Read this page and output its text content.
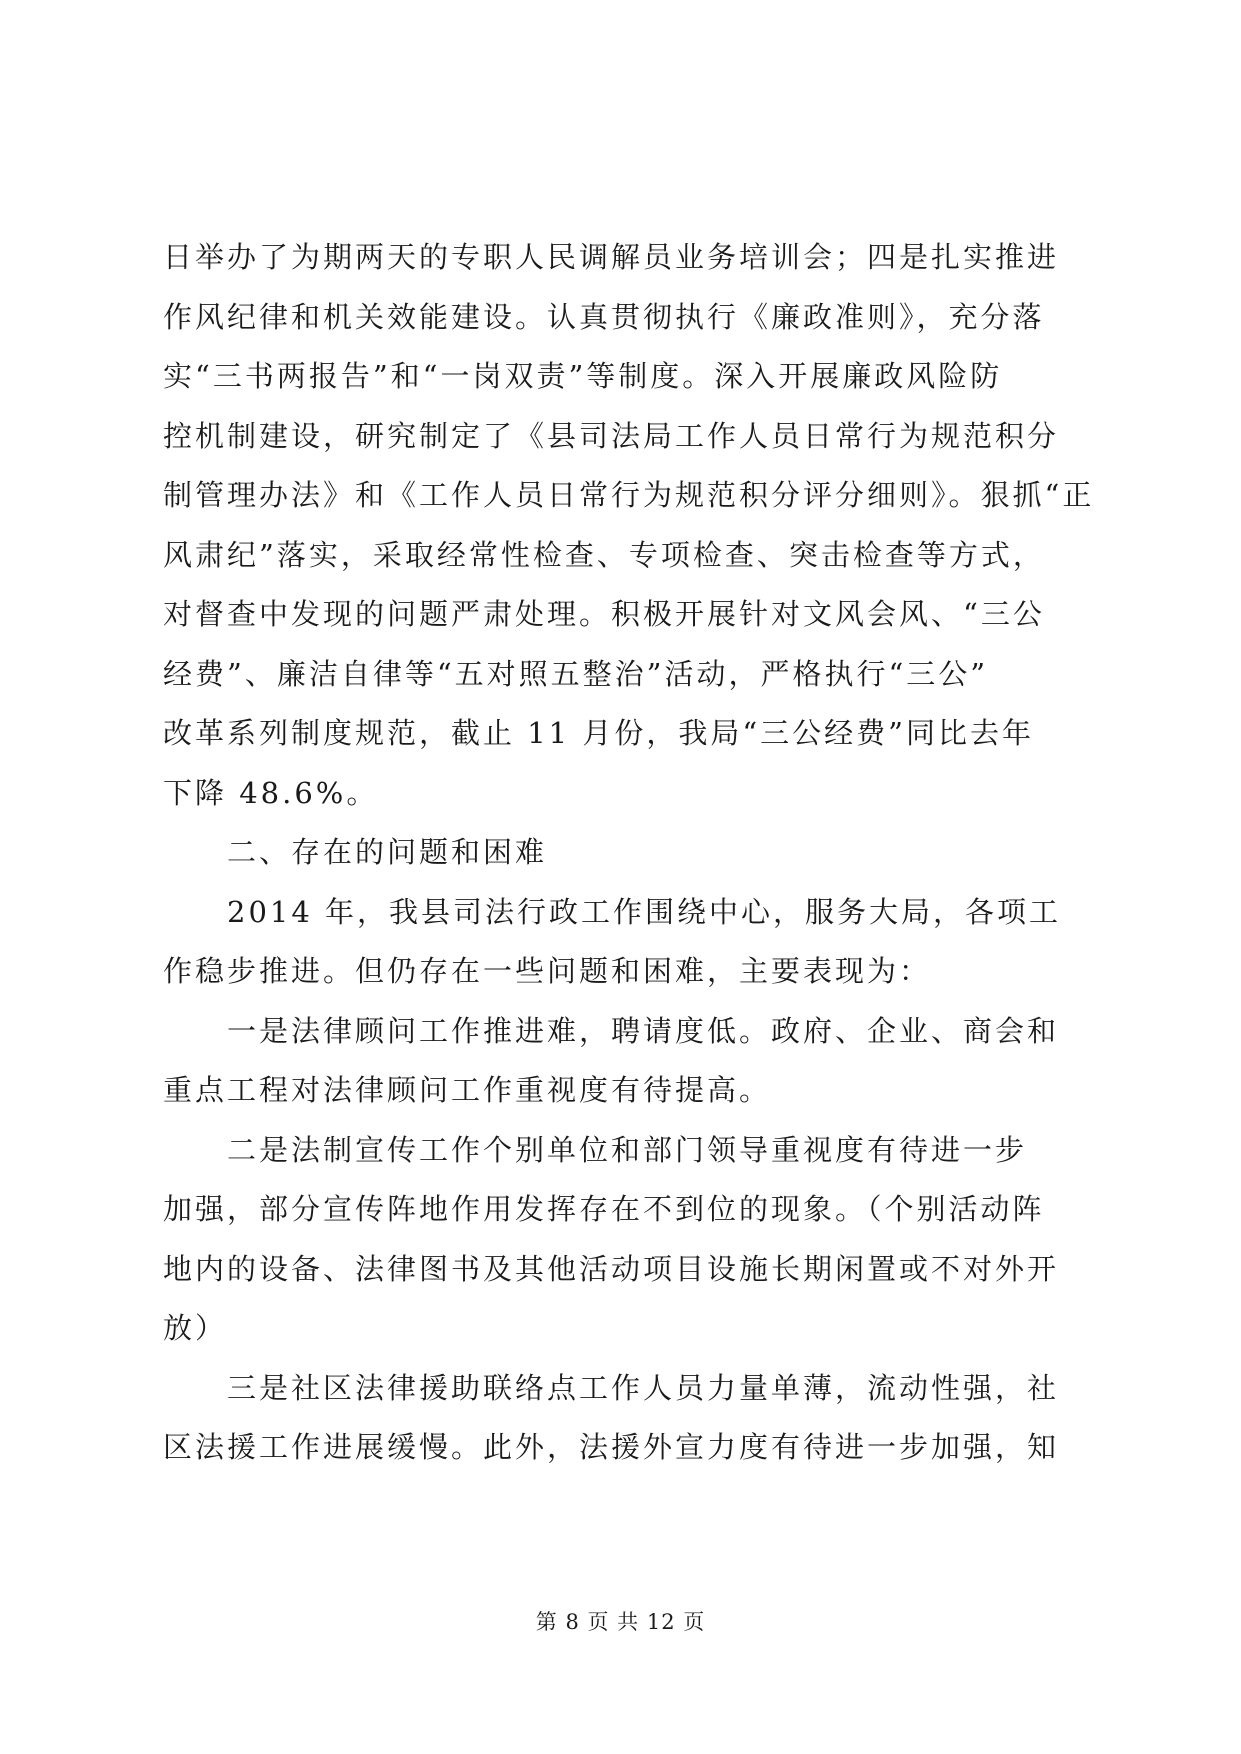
日举办了为期两天的专职人民调解员业务培训会；四是扎实推进
作风纪律和机关效能建设。认真贯彻执行《廉政准则》，充分落
实“三书两报告”和“一岗双责”等制度。深入开展廉政风险防
控机制建设，研究制定了《县司法局工作人员日常行为规范积分
制管理办法》和《工作人员日常行为规范积分评分细则》。狠抓“正
风肃纪”落实，采取经常性检查、专项检查、突击检查等方式，
对督查中发现的问题严肃处理。积极开展针对文风会风、“三公
经费”、廉洁自律等“五对照五整治”活动，严格执行“三公”
改革系列制度规范，截止 11 月份，我局“三公经费”同比去年
下降 48.6%。
二、存在的问题和困难
2014 年，我县司法行政工作围绕中心，服务大局，各项工
作稳步推进。但仍存在一些问题和困难，主要表现为：
一是法律顾问工作推进难，聘请度低。政府、企业、商会和
重点工程对法律顾问工作重视度有待提高。
二是法制宣传工作个别单位和部门领导重视度有待进一步
加强，部分宣传阵地作用发挥存在不到位的现象。（个别活动阵
地内的设备、法律图书及其他活动项目设施长期闲置或不对外开
放）
三是社区法律援助联络点工作人员力量单薄，流动性强，社
区法援工作进展缓慢。此外，法援外宣力度有待进一步加强，知
第 8 页 共 12 页
